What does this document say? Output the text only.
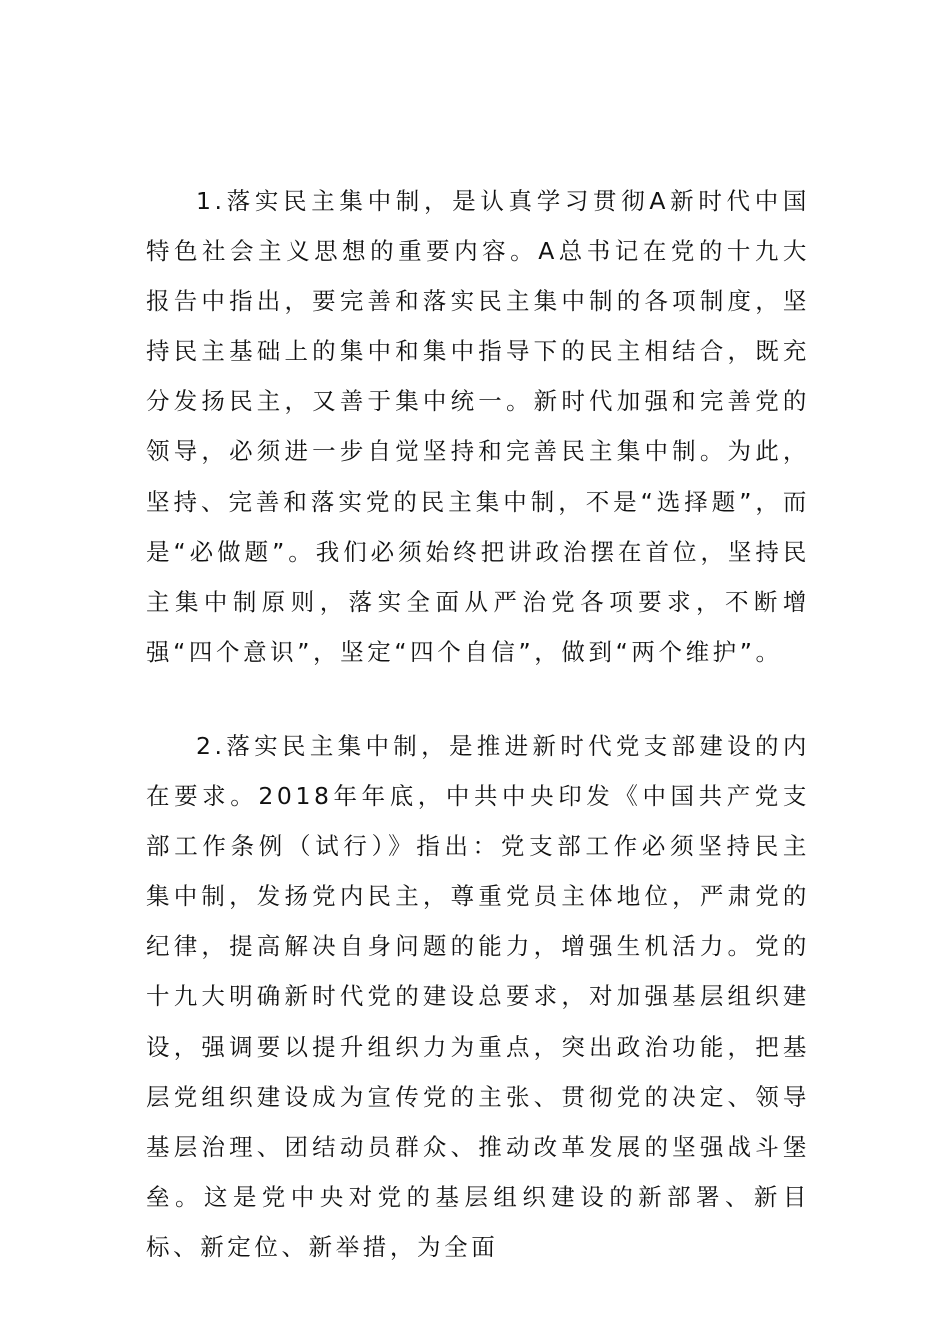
1.落实民主集中制，是认真学习贯彻A新时代中国特色社会主义思想的重要内容。A总书记在党的十九大报告中指出，要完善和落实民主集中制的各项制度，坚持民主基础上的集中和集中指导下的民主相结合，既充分发扬民主，又善于集中统一。新时代加强和完善党的领导，必须进一步自觉坚持和完善民主集中制。为此，坚持、完善和落实党的民主集中制，不是“选择题”，而是“必做题”。我们必须始终把讲政治摆在首位，坚持民主集中制原则，落实全面从严治党各项要求，不断增强“四个意识”，坚定“四个自信”，做到“两个维护”。

2.落实民主集中制，是推进新时代党支部建设的内在要求。2018年年底，中共中央印发《中国共产党支部工作条例（试行）》指出：党支部工作必须坚持民主集中制，发扬党内民主，尊重党员主体地位，严肃党的纪律，提高解决自身问题的能力，增强生机活力。党的十九大明确新时代党的建设总要求，对加强基层组织建设，强调要以提升组织力为重点，突出政治功能，把基层党组织建设成为宣传党的主张、贯彻党的决定、领导基层治理、团结动员群众、推动改革发展的坚强战斗堡垒。这是党中央对党的基层组织建设的新部署、新目标、新定位、新举措，为全面
